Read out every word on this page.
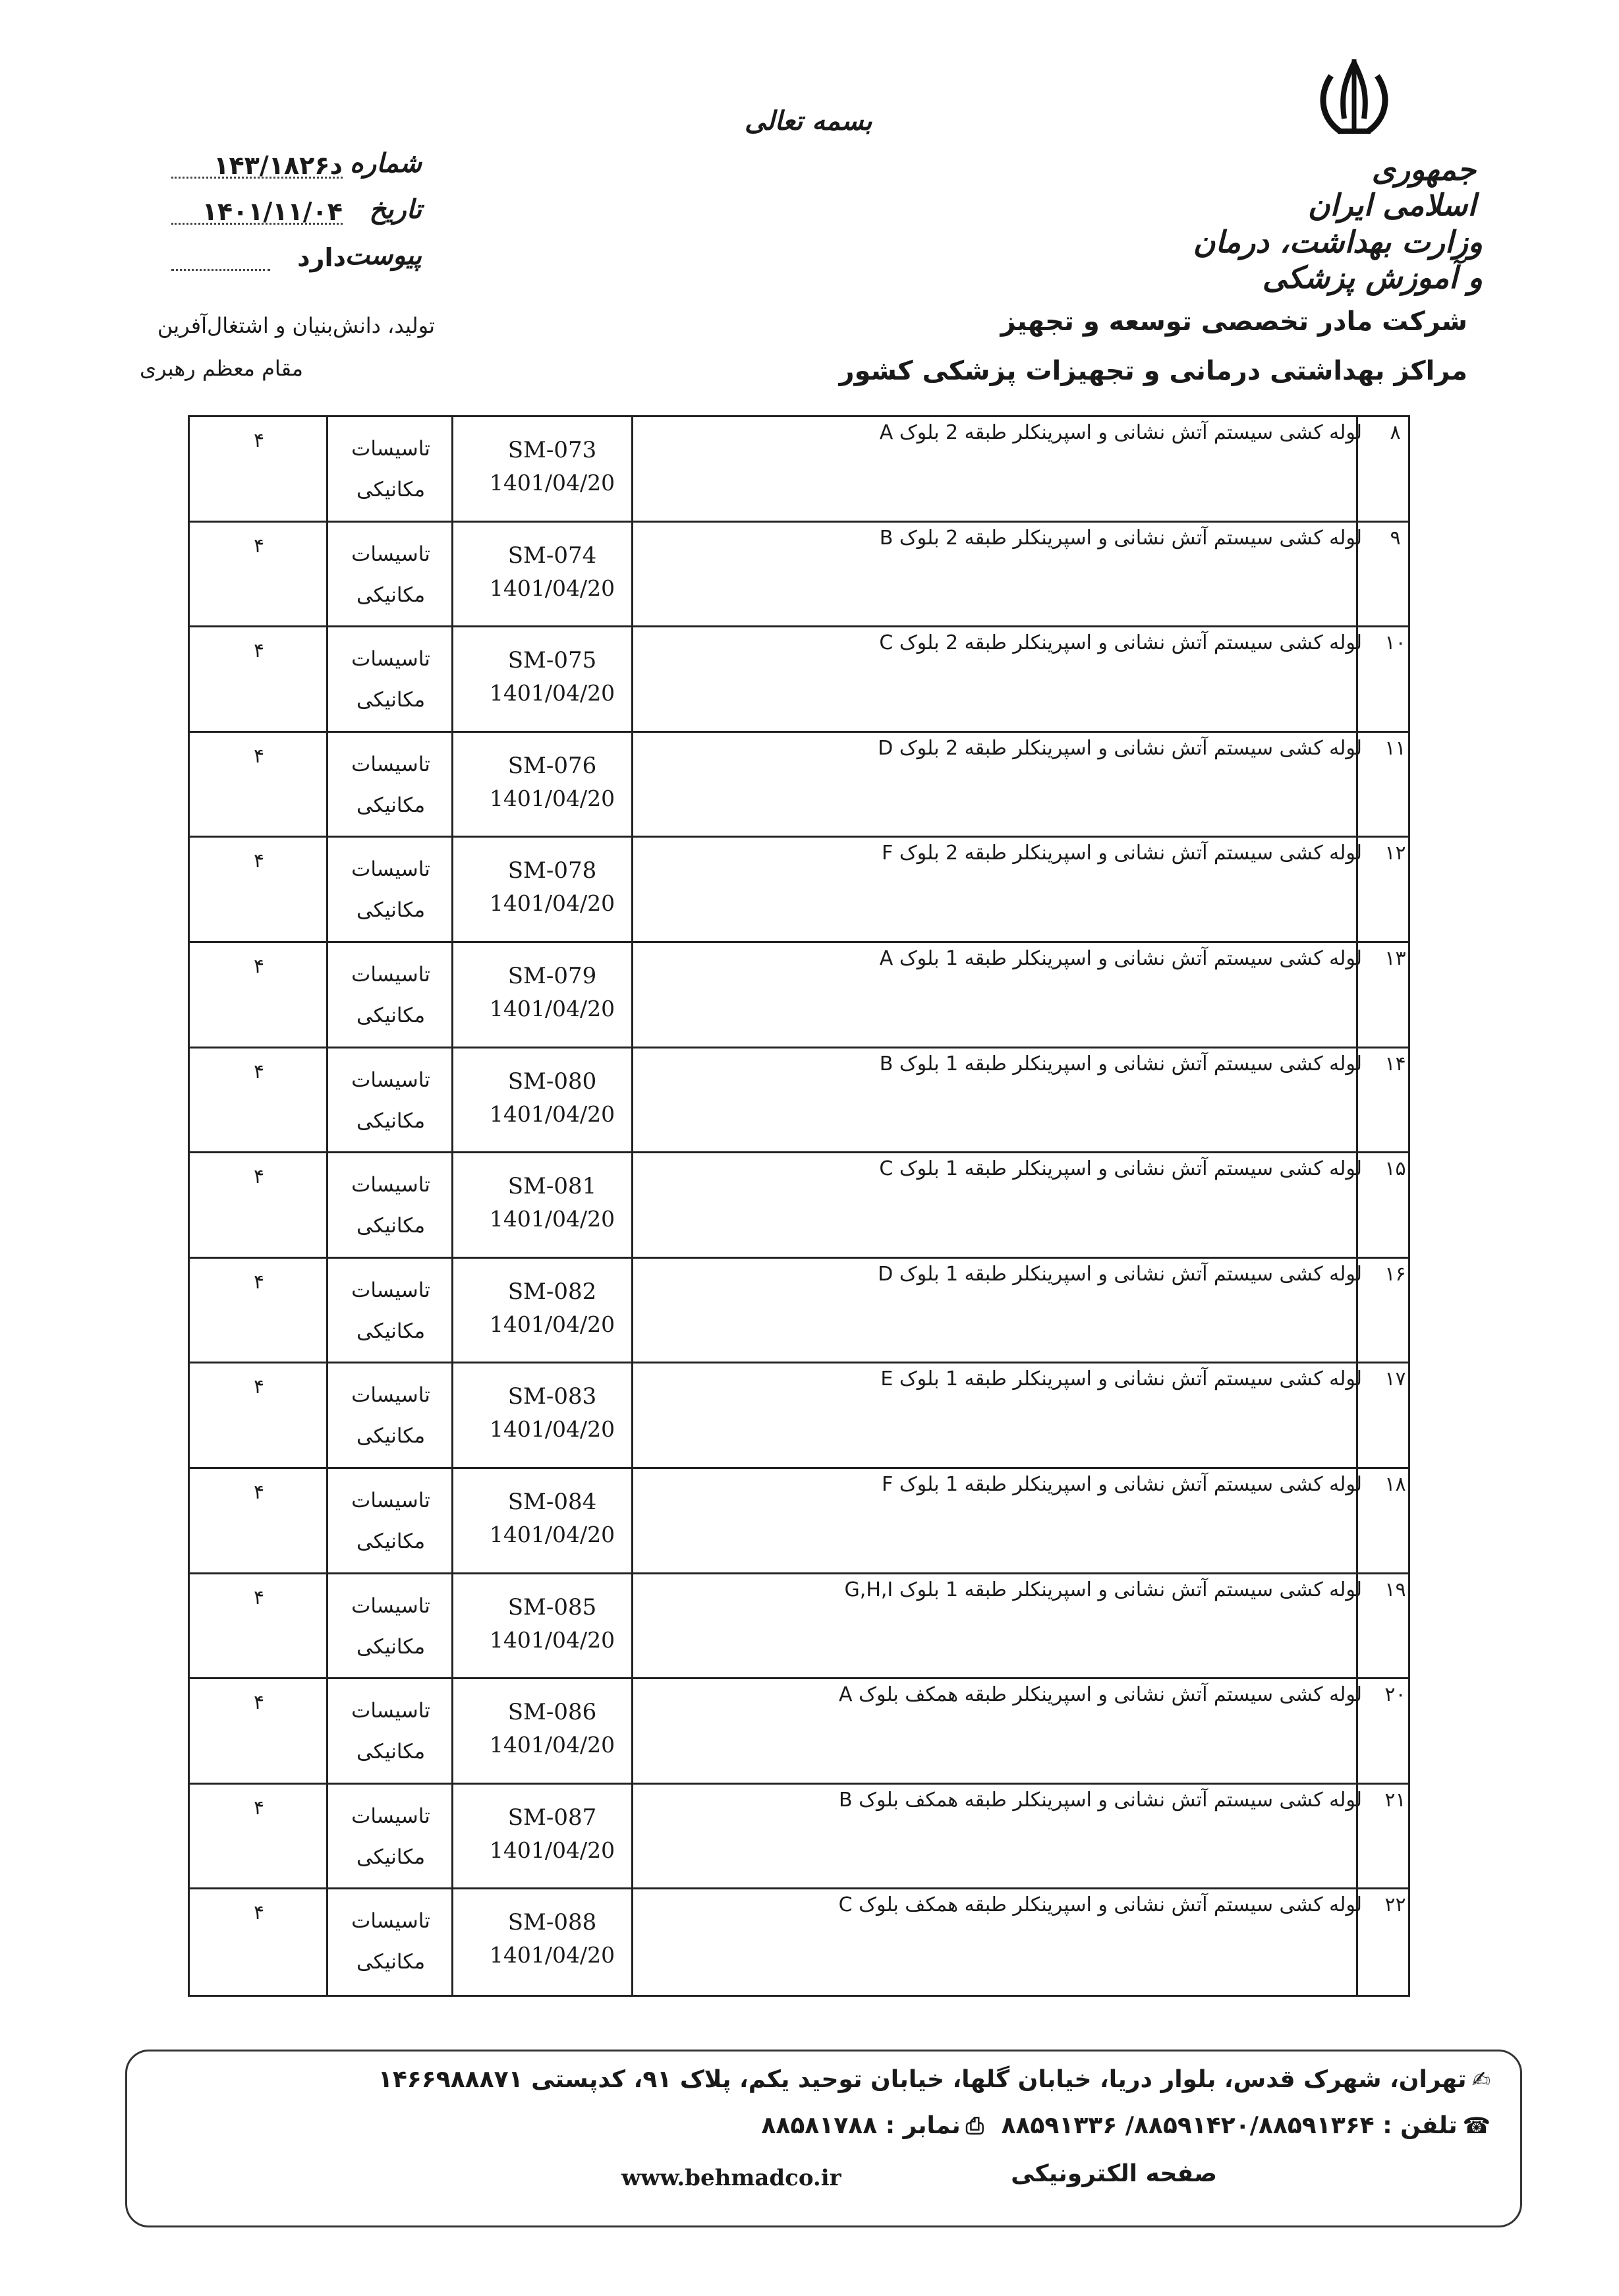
بسمه تعالی
جمهوری اسلامی ایران
وزارت بهداشت، درمان و آموزش پزشکی
شرکت مادر تخصصی توسعه و تجهیز
مراکز بهداشتی درمانی و تجهیزات پزشکی کشور
شماره
۱۴۳/۱۸۲۶د
تاریخ
۱۴۰۱/۱۱/۰۴
پیوست
دارد
تولید، دانش‌بنیان و اشتغال‌آفرین
مقام معظم رهبری
۸
لوله کشی سیستم آتش نشانی و اسپرینکلر طبقه 2 بلوک A
SM-073
1401/04/20
تاسیسات
مکانیکی
۴
۹
لوله کشی سیستم آتش نشانی و اسپرینکلر طبقه 2 بلوک B
SM-074
1401/04/20
تاسیسات
مکانیکی
۴
۱۰
لوله کشی سیستم آتش نشانی و اسپرینکلر طبقه 2 بلوک C
SM-075
1401/04/20
تاسیسات
مکانیکی
۴
۱۱
لوله کشی سیستم آتش نشانی و اسپرینکلر طبقه 2 بلوک D
SM-076
1401/04/20
تاسیسات
مکانیکی
۴
۱۲
لوله کشی سیستم آتش نشانی و اسپرینکلر طبقه 2 بلوک F
SM-078
1401/04/20
تاسیسات
مکانیکی
۴
۱۳
لوله کشی سیستم آتش نشانی و اسپرینکلر طبقه 1 بلوک A
SM-079
1401/04/20
تاسیسات
مکانیکی
۴
۱۴
لوله کشی سیستم آتش نشانی و اسپرینکلر طبقه 1 بلوک B
SM-080
1401/04/20
تاسیسات
مکانیکی
۴
۱۵
لوله کشی سیستم آتش نشانی و اسپرینکلر طبقه 1 بلوک C
SM-081
1401/04/20
تاسیسات
مکانیکی
۴
۱۶
لوله کشی سیستم آتش نشانی و اسپرینکلر طبقه 1 بلوک D
SM-082
1401/04/20
تاسیسات
مکانیکی
۴
۱۷
لوله کشی سیستم آتش نشانی و اسپرینکلر طبقه 1 بلوک E
SM-083
1401/04/20
تاسیسات
مکانیکی
۴
۱۸
لوله کشی سیستم آتش نشانی و اسپرینکلر طبقه 1 بلوک F
SM-084
1401/04/20
تاسیسات
مکانیکی
۴
۱۹
لوله کشی سیستم آتش نشانی و اسپرینکلر طبقه 1 بلوک G,H,I
SM-085
1401/04/20
تاسیسات
مکانیکی
۴
۲۰
لوله کشی سیستم آتش نشانی و اسپرینکلر طبقه همکف بلوک A
SM-086
1401/04/20
تاسیسات
مکانیکی
۴
۲۱
لوله کشی سیستم آتش نشانی و اسپرینکلر طبقه همکف بلوک B
SM-087
1401/04/20
تاسیسات
مکانیکی
۴
۲۲
لوله کشی سیستم آتش نشانی و اسپرینکلر طبقه همکف بلوک C
SM-088
1401/04/20
تاسیسات
مکانیکی
۴
✍تهران، شهرک قدس، بلوار دریا، خیابان گلها، خیابان توحید یکم، پلاک ۹۱، کدپستی ۱۴۶۶۹۸۸۸۷۱
☎تلفن : ۸۸۵۹۱۴۲۰/۸۸۵۹۱۳۶۴/ ۸۸۵۹۱۳۳۶ ⎙نمابر : ۸۸۵۸۱۷۸۸
صفحه الکترونیکی
www.behmadco.ir
